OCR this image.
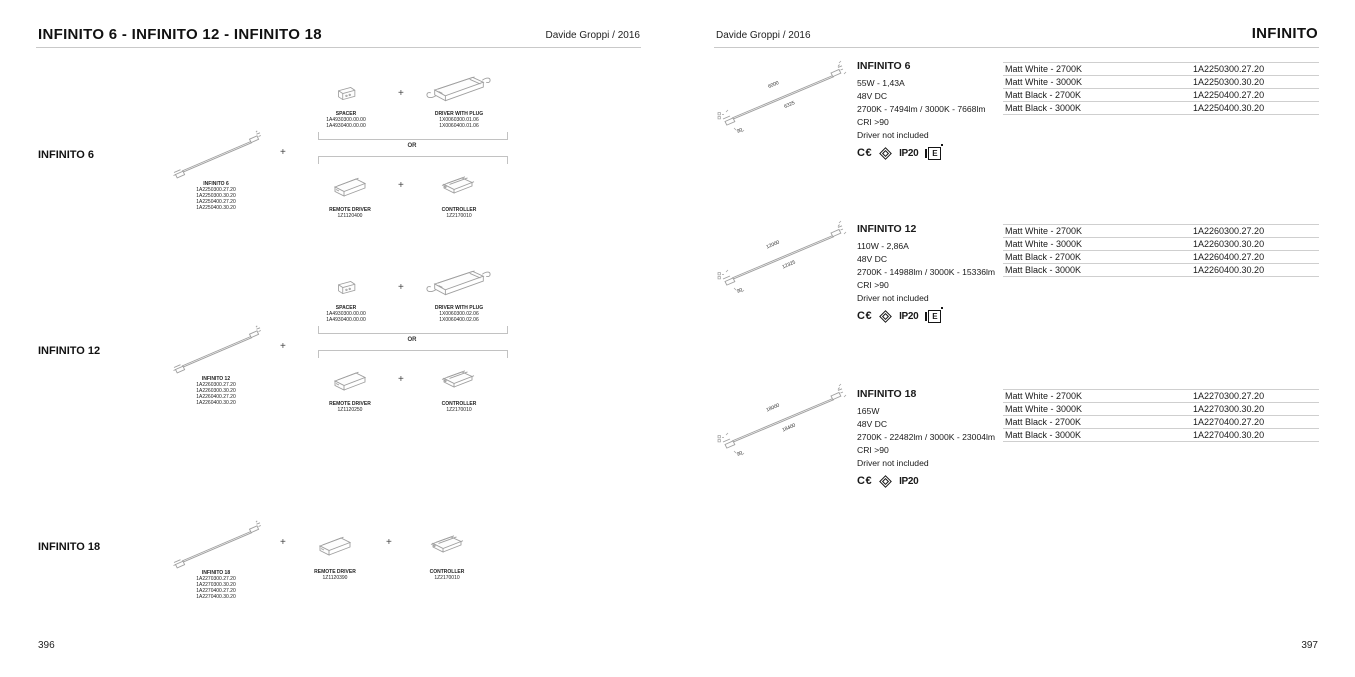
INFINITO 6 - INFINITO 12 - INFINITO 18	Davide Groppi / 2016
INFINITO 6
INFINITO 6
1A2250300.27.20
1A2250300.30.20
1A2250400.27.20
1A2250400.30.20
+
SPACER
1A4930300.00.00
1A4930400.00.00
+
DRIVER WITH PLUG
1X0060300.01.06
1X0060400.01.06
OR
REMOTE DRIVER
1Z1120400
+
CONTROLLER
1Z2170010
INFINITO 12
INFINITO 12
1A2260300.27.20
1A2260300.30.20
1A2260400.27.20
1A2260400.30.20
+
SPACER
1A4930300.00.00
1A4930400.00.00
+
DRIVER WITH PLUG
1X0060300.02.06
1X0060400.02.06
OR
REMOTE DRIVER
1Z1120250
+
CONTROLLER
1Z2170010
INFINITO 18
INFINITO 18
1A2270300.27.20
1A2270300.30.20
1A2270400.27.20
1A2270400.30.20
+
REMOTE DRIVER
1Z1120390
+
CONTROLLER
1Z2170010
396
Davide Groppi / 2016	INFINITO
6000
6325
90
INFINITO 6
55W - 1,43A
48V DC
2700K - 7494lm / 3000K - 7668lm
CRI >90
Driver not included
C€	IP20	E
Matt White - 2700K	1A2250300.27.20
Matt White - 3000K	1A2250300.30.20
Matt Black - 2700K	1A2250400.27.20
Matt Black - 3000K	1A2250400.30.20
12000
12325
90
INFINITO 12
110W - 2,86A
48V DC
2700K - 14988lm / 3000K - 15336lm
CRI >90
Driver not included
C€	IP20	E
Matt White - 2700K	1A2260300.27.20
Matt White - 3000K	1A2260300.30.20
Matt Black - 2700K	1A2260400.27.20
Matt Black - 3000K	1A2260400.30.20
18000
18400
90
INFINITO 18
165W
48V DC
2700K - 22482lm / 3000K - 23004lm
CRI >90
Driver not included
C€	IP20
Matt White - 2700K	1A2270300.27.20
Matt White - 3000K	1A2270300.30.20
Matt Black - 2700K	1A2270400.27.20
Matt Black - 3000K	1A2270400.30.20
397
